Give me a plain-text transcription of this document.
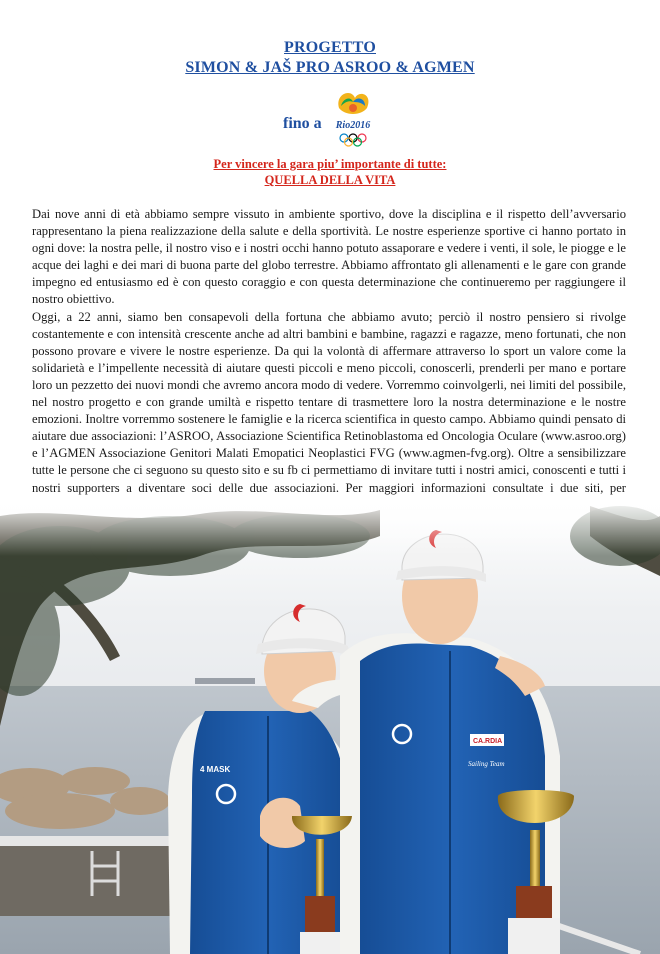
PROGETTO
SIMON & JAŠ PRO ASROO & AGMEN
fino a Rio2016
Per vincere la gara piu’ importante di tutte:
QUELLA DELLA VITA

Dai nove anni di età abbiamo sempre vissuto in ambiente sportivo, dove la disciplina e il rispetto dell’avversario rappresentano la piena realizzazione della salute e della sportività. Le nostre esperienze sportive ci hanno portato in ogni dove: la nostra pelle, il nostro viso e i nostri occhi hanno potuto assaporare e vedere i venti, il sole, le piogge e le acque dei laghi e dei mari di buona parte del globo terrestre. Abbiamo affrontato gli allenamenti e le gare con grande impegno ed entusiasmo ed è con questo coraggio e con questa determinazione che continueremo per raggiungere il nostro obiettivo.

Oggi, a 22 anni, siamo ben consapevoli della fortuna che abbiamo avuto; perciò il nostro pensiero si rivolge costantemente e con intensità crescente anche ad altri bambini e bambine, ragazzi e ragazze, meno fortunati, che non possono provare e vivere le nostre esperienze. Da qui la volontà di affermare attraverso lo sport un valore come la solidarietà e l’impellente necessità di aiutare questi piccoli e meno piccoli, conoscerli, prenderli per mano e portare loro un pezzetto dei nuovi mondi che avremo ancora modo di vedere. Vorremmo coinvolgerli, nei limiti del possibile, nel nostro progetto e con grande umiltà e rispetto tentare di trasmettere loro la nostra determinazione e le nostre emozioni. Inoltre vorremmo sostenere le famiglie e la ricerca scientifica in questo campo. Abbiamo quindi pensato di aiutare due associazioni: l’ASROO, Associazione Scientifica Retinoblastoma ed Oncologia Oculare (www.asroo.org) e l’AGMEN Associazione Genitori Malati Emopatici Neoplastici FVG (www.agmen-fvg.org). Oltre a sensibilizzare tutte le persone che ci seguono su questo sito e su fb ci permettiamo di invitare tutti i nostri amici, conoscenti e tutti i nostri supporters a diventare soci delle due associazioni. Per maggiori informazioni consultate i due siti, per

4 MASK
CA.RDIA
Sailing Team
